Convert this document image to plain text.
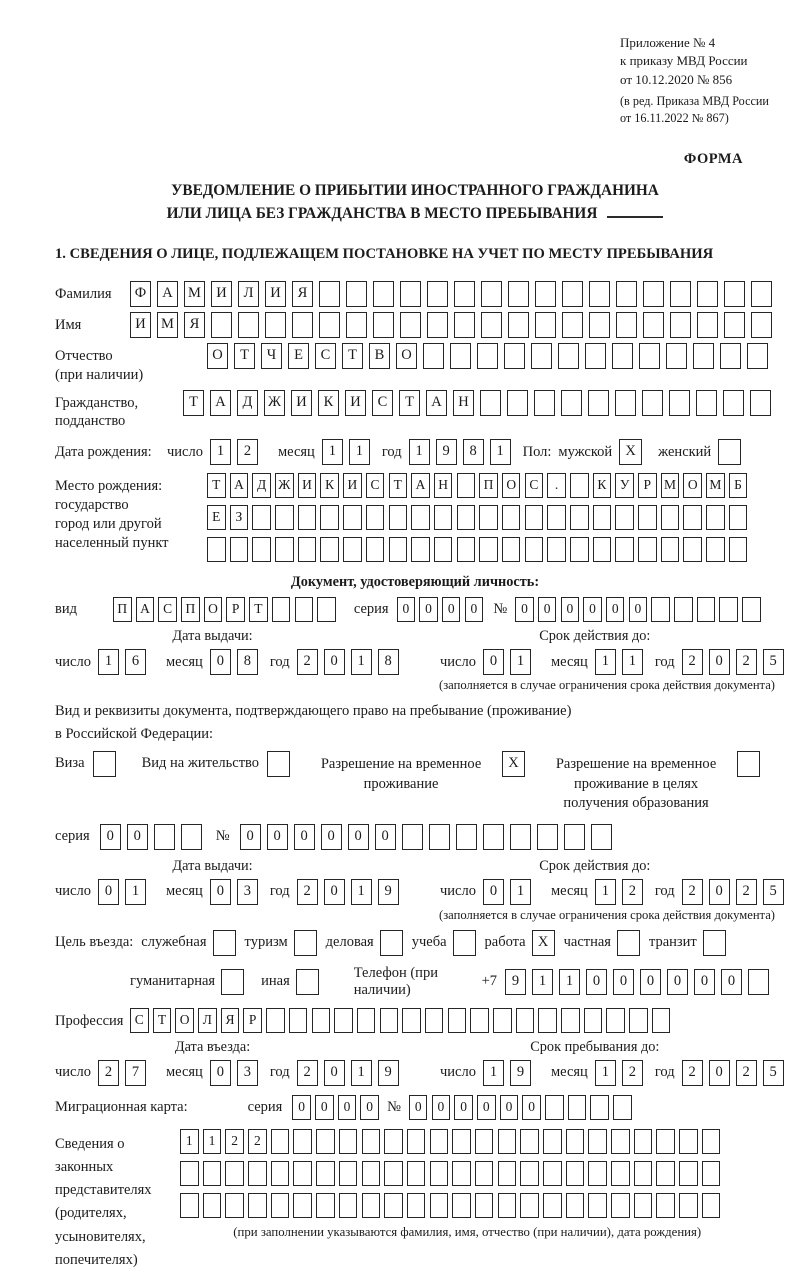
Приложение № 4
к приказу МВД России
от 10.12.2020 № 856
(в ред. Приказа МВД России
от 16.11.2022 № 867)
ФОРМА
УВЕДОМЛЕНИЕ О ПРИБЫТИИ ИНОСТРАННОГО ГРАЖДАНИНА
ИЛИ ЛИЦА БЕЗ ГРАЖДАНСТВА В МЕСТО ПРЕБЫВАНИЯ
1. СВЕДЕНИЯ О ЛИЦЕ, ПОДЛЕЖАЩЕМ ПОСТАНОВКЕ НА УЧЕТ ПО МЕСТУ ПРЕБЫВАНИЯ
Фамилия	Ф А М И Л И Я
Имя	И М Я
Отчество
(при наличии)
О Т Ч Е С Т В О
Гражданство,
подданство
Т А Д Ж И К И С Т А Н
Дата рождения:	число 1 2	месяц 1 1	год 1 9 8 1	Пол: мужской X	женский
Место рождения:
государство
город или другой
населенный пункт
Т А Д Ж И К И С Т А Н	П О С .	К У Р М О М Б
Е З
Документ, удостоверяющий личность:
вид	П А С П О Р Т	серия	0 0 0 0	№	0 0 0 0 0 0
Дата выдачи:
число 1 6	месяц 0 8	год 2 0 1 8
Срок действия до:
число 0 1	месяц 1 1	год 2 0 2 5
(заполняется в случае ограничения срока действия документа)
Вид и реквизиты документа, подтверждающего право на пребывание (проживание)
в Российской Федерации:
Виза	Вид на жительство	Разрешение на временное проживание
X	Разрешение на временное проживание в целях получения образования
серия	0 0	№	0 0 0 0 0 0
Дата выдачи:
число 0 1	месяц 0 3	год 2 0 1 9
Срок действия до:
число 0 1	месяц 1 2	год 2 0 2 5
(заполняется в случае ограничения срока действия документа)
Цель въезда: служебная	туризм	деловая	учеба	работа X	частная	транзит
гуманитарная	иная
Телефон (при наличии)
+7	9 1 1 0 0 0 0 0 0
Профессия С Т О Л Я Р
Дата въезда:
число 2 7	месяц 0 3	год 2 0 1 9
Срок пребывания до:
число 1 9	месяц 1 2	год 2 0 2 5
Миграционная карта:	серия	0 0 0 0 №	0 0 0 0 0 0
Сведения о
законных
представителях
(родителях,
усыновителях,
попечителях)
1 1 2 2
(при заполнении указываются фамилия, имя, отчество (при наличии), дата рождения)
